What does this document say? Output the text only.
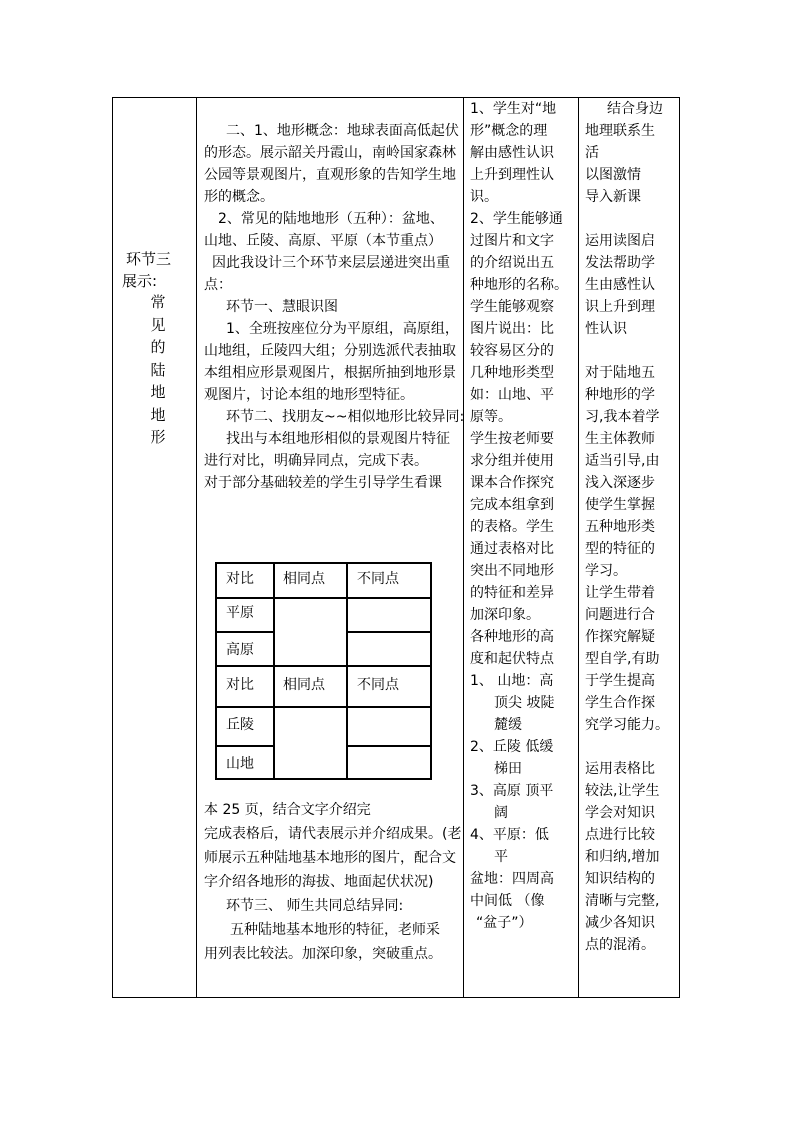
环节三

展示:

常

见

的

陆

地

地

形

二、1、地形概念：地球表面高低起伏

的形态。展示韶关丹霞山，南岭国家森林

公园等景观图片，直观形象的告知学生地

形的概念。

2、常见的陆地地形（五种）：盆地、

山地、丘陵、高原、平原（本节重点）

因此我设计三个环节来层层递进突出重

点：

环节一、慧眼识图

1、全班按座位分为平原组，高原组，

山地组，丘陵四大组；分别选派代表抽取

本组相应形景观图片，根据所抽到地形景

观图片，讨论本组的地形型特征。

环节二、找朋友~~相似地形比较异同:

找出与本组地形相似的景观图片特征

进行对比，明确异同点，完成下表。

对于部分基础较差的学生引导学生看课

对比 相同点 不同点
平原
高原
对比 相同点 不同点
丘陵
山地

本 25 页，结合文字介绍完

完成表格后，请代表展示并介绍成果。(老

师展示五种陆地基本地形的图片，配合文

字介绍各地形的海拔、地面起伏状况)

环节三、 师生共同总结异同:

五种陆地基本地形的特征，老师采

用列表比较法。加深印象，突破重点。

1、学生对“地

形”概念的理

解由感性认识

上升到理性认

识。

2、学生能够通

过图片和文字

的介绍说出五

种地形的名称。

学生能够观察

图片说出：比

较容易区分的

几种地形类型

如：山地、平

原等。

学生按老师要

求分组并使用

课本合作探究

完成本组拿到

的表格。学生

通过表格对比

突出不同地形

的特征和差异

加深印象。

各种地形的高

度和起伏特点

1、 山地：高

顶尖 坡陡

麓缓

2、丘陵 低缓

梯田

3、高原 顶平

阔

4、平原：低

平

盆地：四周高

中间低 （像

“盆子”）

结合身边

地理联系生

活

以图激情

导入新课

运用读图启

发法帮助学

生由感性认

识上升到理

性认识

对于陆地五

种地形的学

习,我本着学

生主体教师

适当引导,由

浅入深逐步

使学生掌握

五种地形类

型的特征的

学习。

让学生带着

问题进行合

作探究解疑

型自学,有助

于学生提高

学生合作探

究学习能力。

运用表格比

较法,让学生

学会对知识

点进行比较

和归纳,增加

知识结构的

清晰与完整,

减少各知识

点的混淆。
